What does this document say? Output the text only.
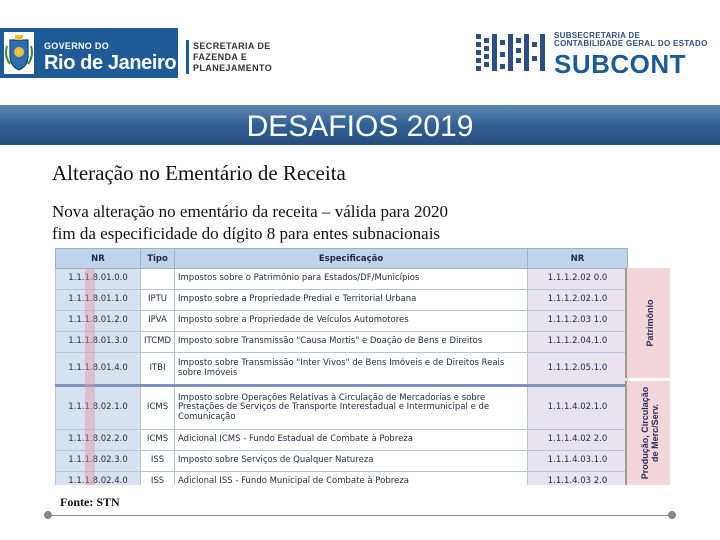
GOVERNO DO
Rio de Janeiro
SECRETARIA DE
FAZENDA E
PLANEJAMENTO
SUBSECRETARIA DE
CONTABILIDADE GERAL DO ESTADO
SUBCONT
DESAFIOS 2019
Alteração no Ementário de Receita
Nova alteração no ementário da receita – válida para 2020
fim da especificidade do dígito 8 para entes subnacionais
NR	Tipo	Especificação	NR
1.1.1.8.01.0.0		Impostos sobre o Patrimônio para Estados/DF/Municípios	1.1.1.2.02 0.0
1.1.1.8.01.1.0	IPTU	Imposto sobre a Propriedade Predial e Territorial Urbana	1.1.1.2.02.1.0
1.1.1.8.01.2.0	IPVA	Imposto sobre a Propriedade de Veículos Automotores	1.1.1.2.03 1.0
1.1.1.8.01.3.0	ITCMD	Imposto sobre Transmissão "Causa Mortis" e Doação de Bens e Direitos	1.1.1.2.04.1.0
1.1.1.8.01.4.0	ITBI	Imposto sobre Transmissão "Inter Vivos" de Bens Imóveis e de Direitos Reais sobre Imóveis	1.1.1.2.05.1.0
1.1.1.8.02.1.0	ICMS	Imposto sobre Operações Relativas à Circulação de Mercadorias e sobre Prestações de Serviços de Transporte Interestadual e Intermunicipal e de Comunicação	1.1.1.4.02.1.0
1.1.1.8.02.2.0	ICMS	Adicional ICMS - Fundo Estadual de Combate à Pobreza	1.1.1.4.02 2.0
1.1.1.8.02.3.0	ISS	Imposto sobre Serviços de Qualquer Natureza	1.1.1.4.03.1.0
1.1.1.8.02.4.0	ISS	Adicional ISS - Fundo Municipal de Combate à Pobreza	1.1.1.4.03 2.0
Patrimônio
Produção, Circulação de Merc/Serv.
Fonte: STN
